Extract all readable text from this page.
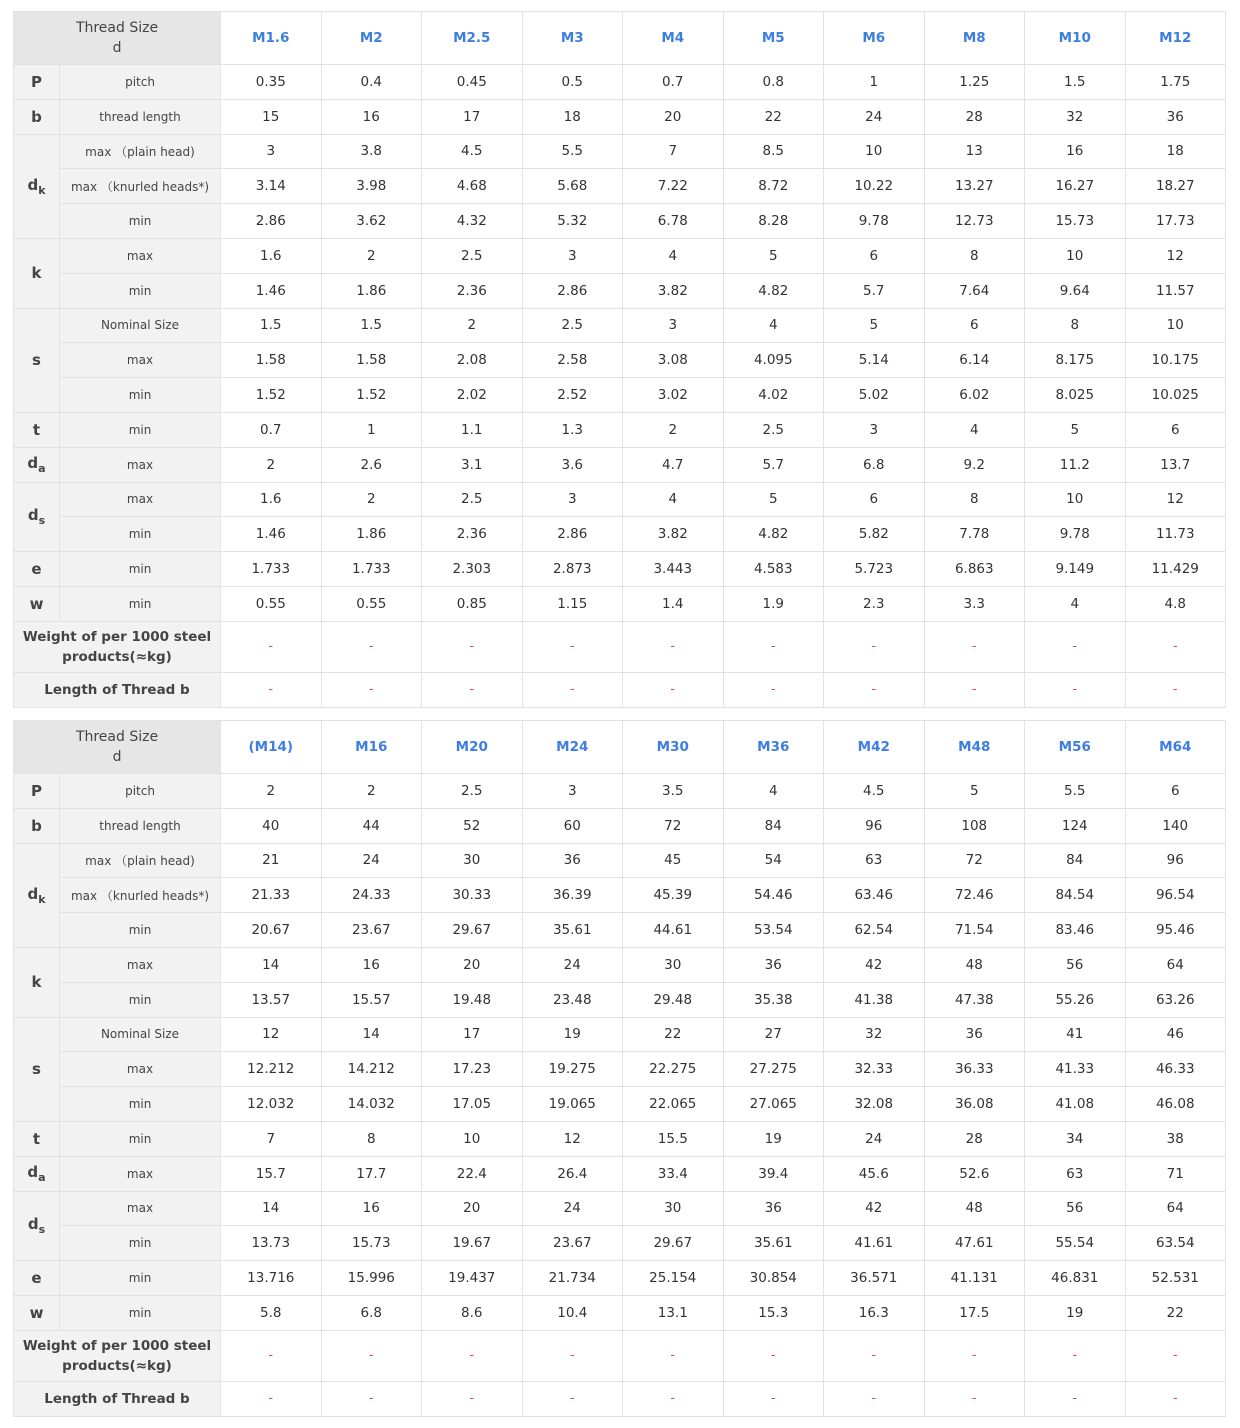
Thread Size
d		M1.6	M2	M2.5	M3	M4	M5	M6	M8	M10	M12
P	pitch	0.35	0.4	0.45	0.5	0.7	0.8	1	1.25	1.5	1.75
b	thread length	15	16	17	18	20	22	24	28	32	36
$d_k$	max （plain head)	3	3.8	4.5	5.5	7	8.5	10	13	16	18
	max （knurled heads*)	3.14	3.98	4.68	5.68	7.22	8.72	10.22	13.27	16.27	18.27
	min	2.86	3.62	4.32	5.32	6.78	8.28	9.78	12.73	15.73	17.73
k	max	1.6	2	2.5	3	4	5	6	8	10	12
	min	1.46	1.86	2.36	2.86	3.82	4.82	5.7	7.64	9.64	11.57
s	Nominal Size	1.5	1.5	2	2.5	3	4	5	6	8	10
	max	1.58	1.58	2.08	2.58	3.08	4.095	5.14	6.14	8.175	10.175
	min	1.52	1.52	2.02	2.52	3.02	4.02	5.02	6.02	8.025	10.025
t	min	0.7	1	1.1	1.3	2	2.5	3	4	5	6
$d_a$	max	2	2.6	3.1	3.6	4.7	5.7	6.8	9.2	11.2	13.7
$d_s$	max	1.6	2	2.5	3	4	5	6	8	10	12
	min	1.46	1.86	2.36	2.86	3.82	4.82	5.82	7.78	9.78	11.73
e	min	1.733	1.733	2.303	2.873	3.443	4.583	5.723	6.863	9.149	11.429
w	min	0.55	0.55	0.85	1.15	1.4	1.9	2.3	3.3	4	4.8

Weight of per 1000 steel
products(≈kg)		-	-	-	-	-	-	-	-	-	-
Length of Thread b		-	-	-	-	-	-	-	-	-	-
Thread Size
d		(M14)	M16	M20	M24	M30	M36	M42	M48	M56	M64
P	pitch	2	2	2.5	3	3.5	4	4.5	5	5.5	6
b	thread length	40	44	52	60	72	84	96	108	124	140
$d_k$	max （plain head)	21	24	30	36	45	54	63	72	84	96
	max （knurled heads*)	21.33	24.33	30.33	36.39	45.39	54.46	63.46	72.46	84.54	96.54
	min	20.67	23.67	29.67	35.61	44.61	53.54	62.54	71.54	83.46	95.46
k	max	14	16	20	24	30	36	42	48	56	64
	min	13.57	15.57	19.48	23.48	29.48	35.38	41.38	47.38	55.26	63.26
s	Nominal Size	12	14	17	19	22	27	32	36	41	46
	max	12.212	14.212	17.23	19.275	22.275	27.275	32.33	36.33	41.33	46.33
	min	12.032	14.032	17.05	19.065	22.065	27.065	32.08	36.08	41.08	46.08
t	min	7	8	10	12	15.5	19	24	28	34	38
$d_a$	max	15.7	17.7	22.4	26.4	33.4	39.4	45.6	52.6	63	71
$d_s$	max	14	16	20	24	30	36	42	48	56	64
	min	13.73	15.73	19.67	23.67	29.67	35.61	41.61	47.61	55.54	63.54
e	min	13.716	15.996	19.437	21.734	25.154	30.854	36.571	41.131	46.831	52.531
w	min	5.8	6.8	8.6	10.4	13.1	15.3	16.3	17.5	19	22

Weight of per 1000 steel
products(≈kg)		-	-	-	-	-	-	-	-	-	-
Length of Thread b		-	-	-	-	-	-	-	-	-	-
